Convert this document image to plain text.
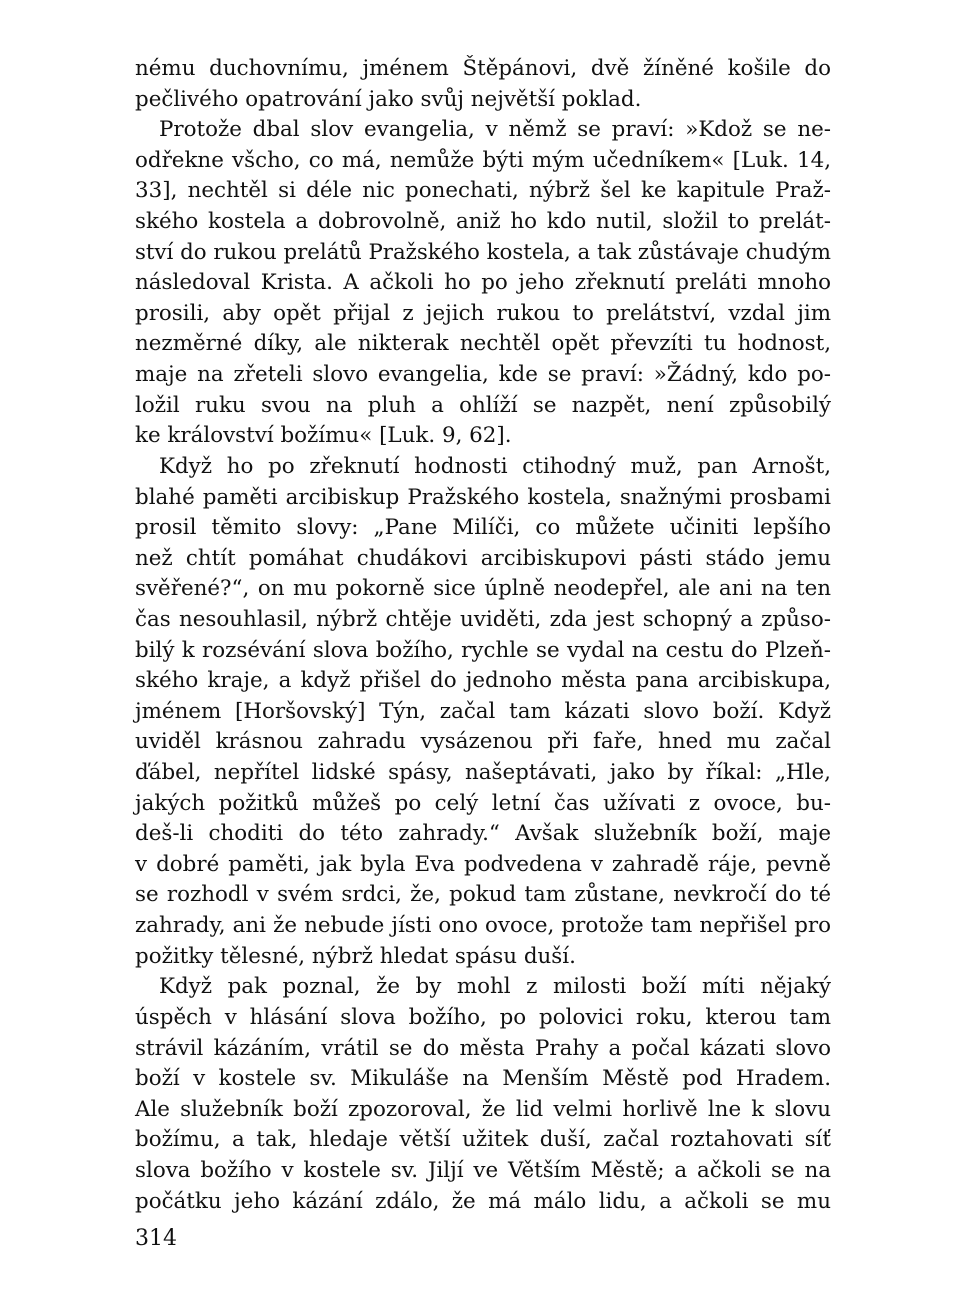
nému duchovnímu, jménem Štěpánovi, dvě žíněné košile do
pečlivého opatrování jako svůj největší poklad.
Protože dbal slov evangelia, v němž se praví: »Kdož se ne-
odřekne všcho, co má, nemůže býti mým učedníkem« [Luk. 14,
33], nechtěl si déle nic ponechati, nýbrž šel ke kapitule Praž-
ského kostela a dobrovolně, aniž ho kdo nutil, složil to prelát-
ství do rukou prelátů Pražského kostela, a tak zůstávaje chudým
následoval Krista. A ačkoli ho po jeho zřeknutí preláti mnoho
prosili, aby opět přijal z jejich rukou to prelátství, vzdal jim
nezměrné díky, ale nikterak nechtěl opět převzíti tu hodnost,
maje na zřeteli slovo evangelia, kde se praví: »Žádný, kdo po-
ložil ruku svou na pluh a ohlíží se nazpět, není způsobilý
ke království božímu« [Luk. 9, 62].
Když ho po zřeknutí hodnosti ctihodný muž, pan Arnošt,
blahé paměti arcibiskup Pražského kostela, snažnými prosbami
prosil těmito slovy: „Pane Milíči, co můžete učiniti lepšího
než chtít pomáhat chudákovi arcibiskupovi pásti stádo jemu
svěřené?“, on mu pokorně sice úplně neodepřel, ale ani na ten
čas nesouhlasil, nýbrž chtěje uviděti, zda jest schopný a způso-
bilý k rozsévání slova božího, rychle se vydal na cestu do Plzeň-
ského kraje, a když přišel do jednoho města pana arcibiskupa,
jménem [Horšovský] Týn, začal tam kázati slovo boží. Když
uviděl krásnou zahradu vysázenou při faře, hned mu začal
ďábel, nepřítel lidské spásy, našeptávati, jako by říkal: „Hle,
jakých požitků můžeš po celý letní čas užívati z ovoce, bu-
deš-li choditi do této zahrady.“ Avšak služebník boží, maje
v dobré paměti, jak byla Eva podvedena v zahradě ráje, pevně
se rozhodl v svém srdci, že, pokud tam zůstane, nevkročí do té
zahrady, ani že nebude jísti ono ovoce, protože tam nepřišel pro
požitky tělesné, nýbrž hledat spásu duší.
Když pak poznal, že by mohl z milosti boží míti nějaký
úspěch v hlásání slova božího, po polovici roku, kterou tam
strávil kázáním, vrátil se do města Prahy a počal kázati slovo
boží v kostele sv. Mikuláše na Menším Městě pod Hradem.
Ale služebník boží zpozoroval, že lid velmi horlivě lne k slovu
božímu, a tak, hledaje větší užitek duší, začal roztahovati síť
slova božího v kostele sv. Jiljí ve Větším Městě; a ačkoli se na
počátku jeho kázání zdálo, že má málo lidu, a ačkoli se mu
314
